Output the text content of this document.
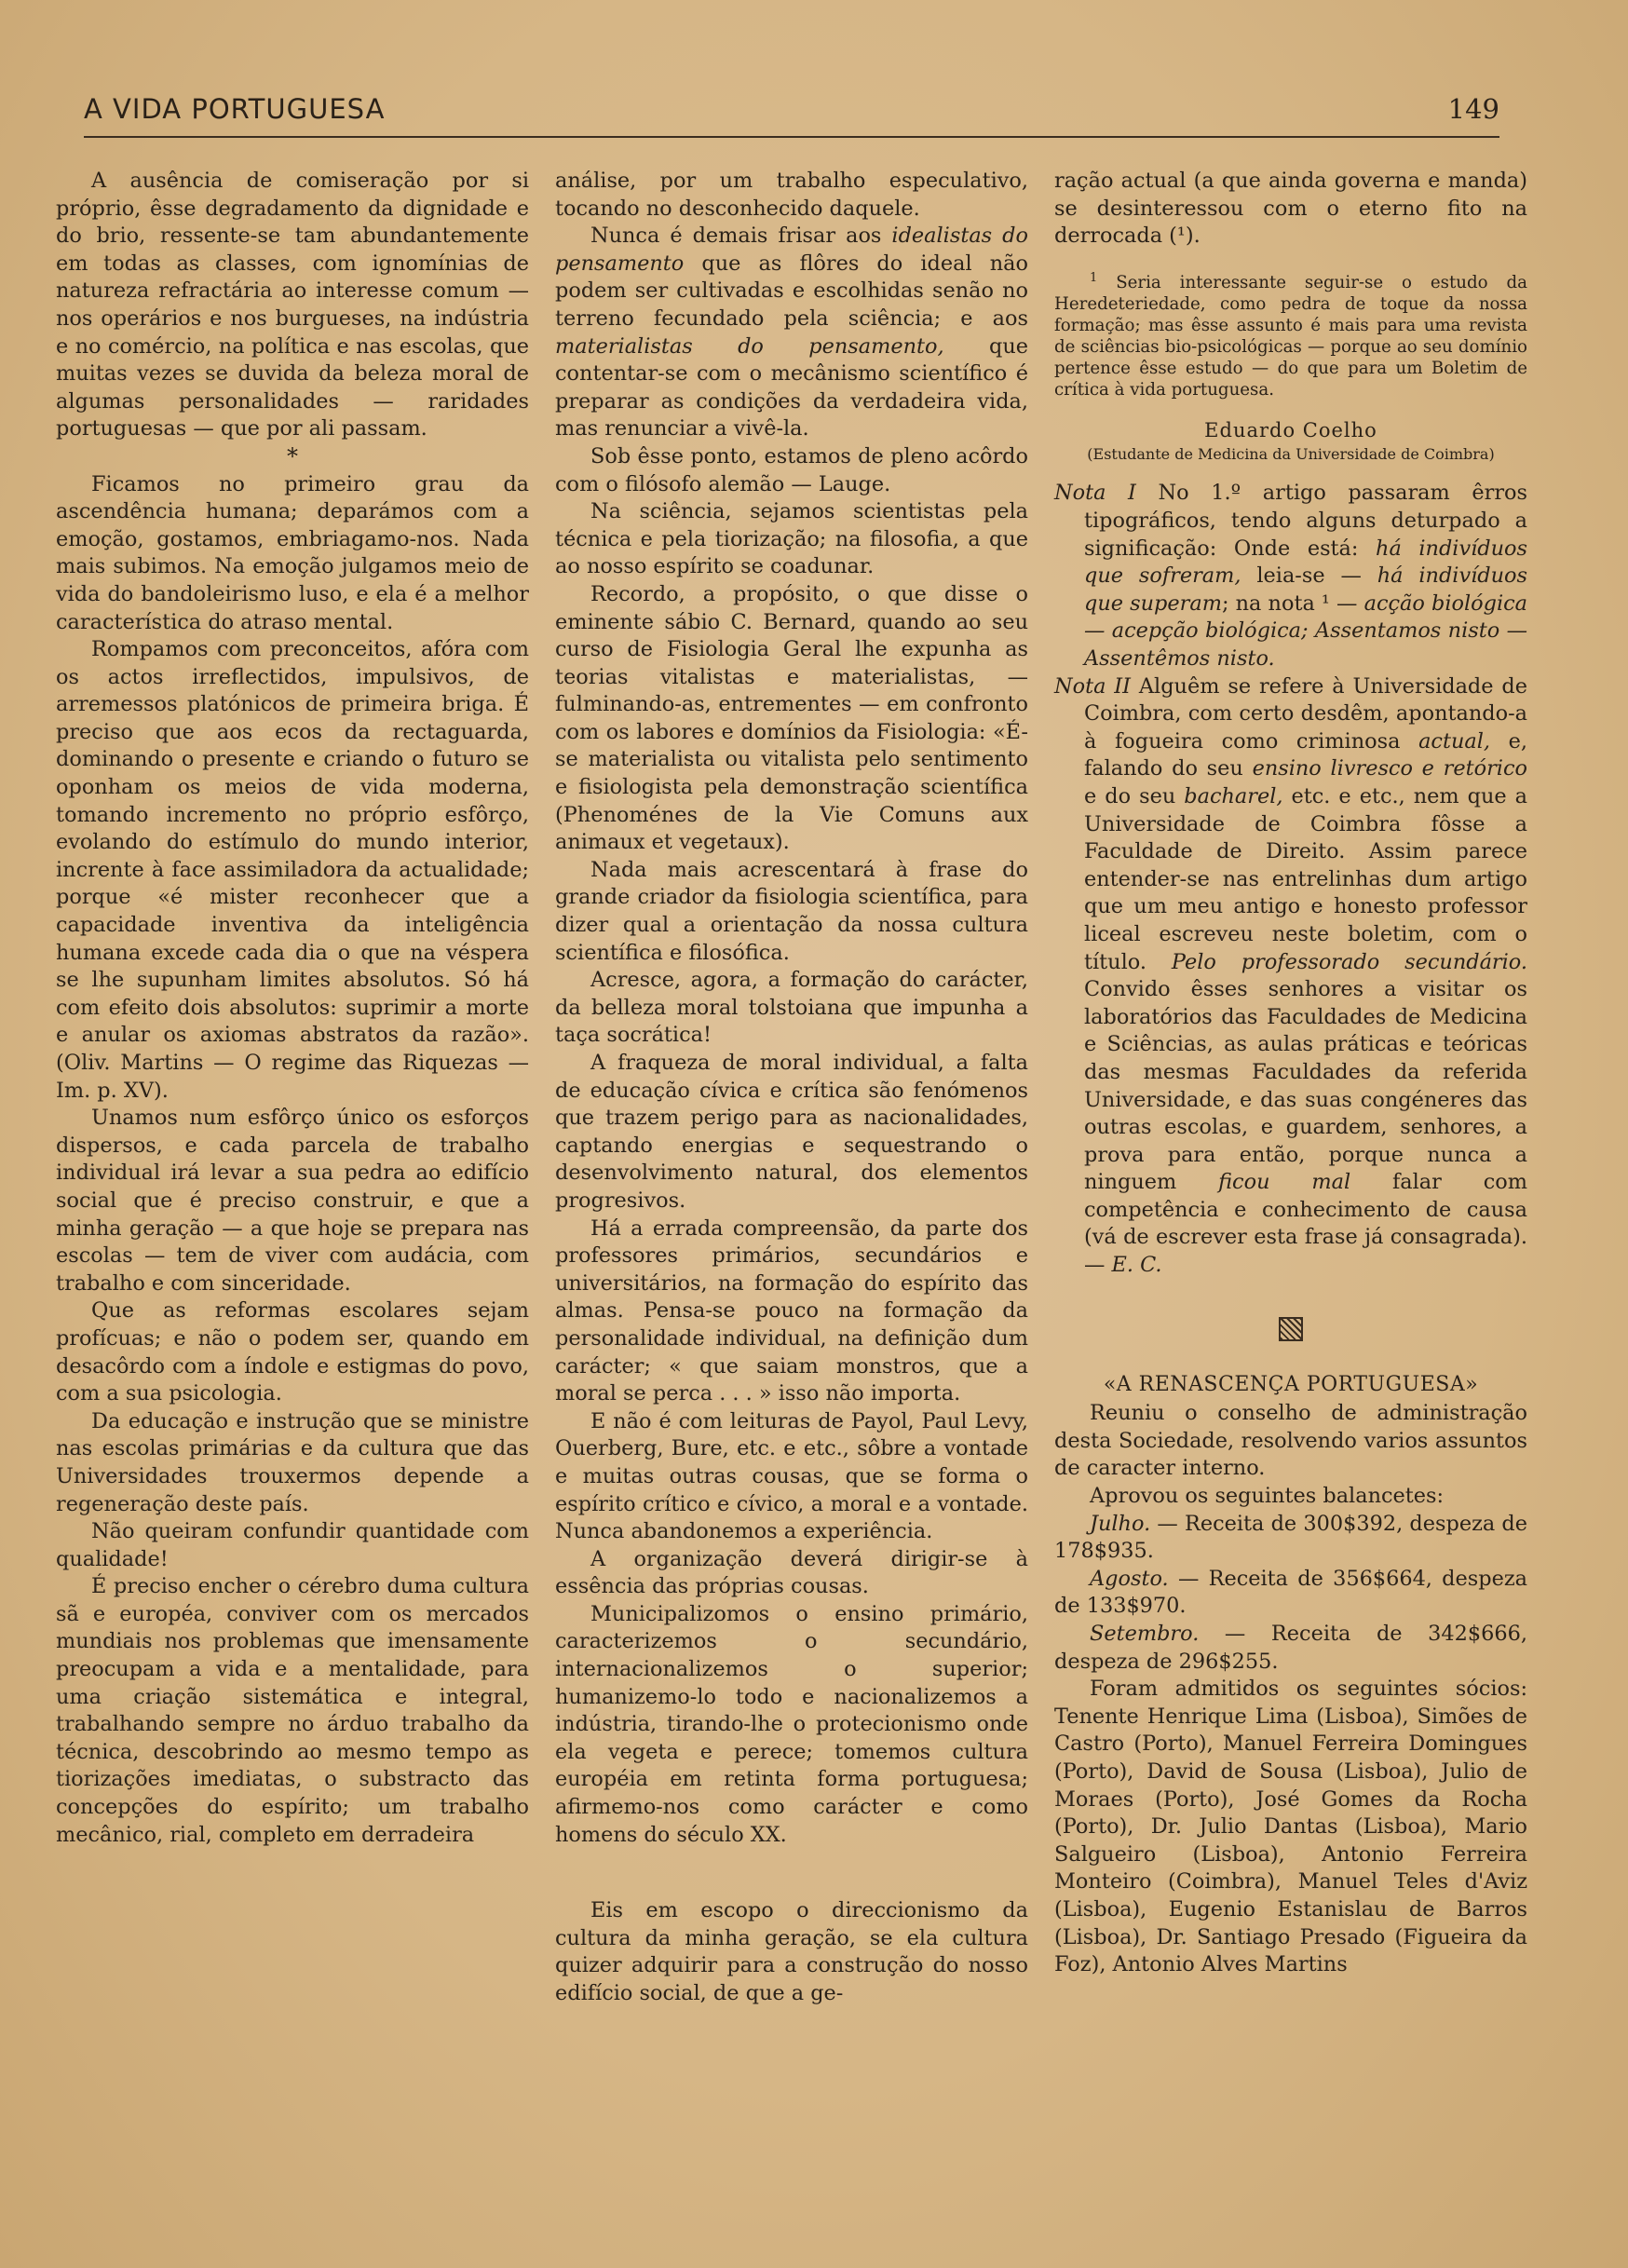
A VIDA PORTUGUESA	149

A ausência de comiseração por si próprio, êsse degradamento da dignidade e do brio, ressente-se tam abundantemente em todas as classes, com ignomínias de natureza refractária ao interesse comum — nos operários e nos burgueses, na indústria e no comércio, na política e nas escolas, que muitas vezes se duvida da beleza moral de algumas personalidades — raridades portuguesas — que por ali passam.

*

Ficamos no primeiro grau da ascendência humana; deparámos com a emoção, gostamos, embriagamo-nos. Nada mais subimos. Na emoção julgamos meio de vida do bandoleirismo luso, e ela é a melhor característica do atraso mental.

Rompamos com preconceitos, afóra com os actos irreflectidos, impulsivos, de arremessos platónicos de primeira briga. É preciso que aos ecos da rectaguarda, dominando o presente e criando o futuro se oponham os meios de vida moderna, tomando incremento no próprio esfôrço, evolando do estímulo do mundo interior, increntе à face assimiladora da actualidade; porque «é mister reconhecer que a capacidade inventiva da inteligência humana excede cada dia o que na véspera se lhe supunham limites absolutos. Só há com efeito dois absolutos: suprimir a morte e anular os axiomas abstratos da razão». (Oliv. Martins — O regime das Riquezas — Im. p. XV).

Unamos num esfôrço único os esforços dispersos, e cada parcela de trabalho individual irá levar a sua pedra ao edifício social que é preciso construir, e que a minha geração — a que hoje se prepara nas escolas — tem de viver com audácia, com trabalho e com sinceridade.

Que as reformas escolares sejam profícuas; e não o podem ser, quando em desacôrdo com a índole e estigmas do povo, com a sua psicologia.

Da educação e instrução que se ministre nas escolas primárias e da cultura que das Universidades trouxermos depende a regeneração deste país.

Não queiram confundir quantidade com qualidade!

É preciso encher o cérebro duma cultura sã e européa, conviver com os mercados mundiais nos problemas que imensamente preocupam a vida e a mentalidade, para uma criação sistemática e integral, trabalhando sempre no árduo trabalho da técnica, descobrindo ao mesmo tempo as tiorizações imediatas, o substracto das concepções do espírito; um trabalho mecânico, rial, completo em derradeira

análise, por um trabalho especulativo, tocando no desconhecido daquele.

Nunca é demais frisar aos idealistas do pensamento que as flôres do ideal não podem ser cultivadas e escolhidas senão no terreno fecundado pela sciência; e aos materialistas do pensamento, que contentar-se com o mecânismo scientífico é preparar as condições da verdadeira vida, mas renunciar a vivê-la.

Sob êsse ponto, estamos de pleno acôrdo com o filósofo alemão — Lauge.

Na sciência, sejamos scientistas pela técnica e pela tiorização; na filosofia, a que ao nosso espírito se coadunar.

Recordo, a propósito, o que disse o eminente sábio C. Bernard, quando ao seu curso de Fisiologia Geral lhe expunha as teorias vitalistas e materialistas, — fulminando-as, entrementes — em confronto com os labores e domínios da Fisiologia: «É-se materialista ou vitalista pelo sentimento e fisiologista pela demonstração scientífica (Phenoménes de la Vie Comuns aux animaux et vegetaux).

Nada mais acrescentará à frase do grande criador da fisiologia scientífica, para dizer qual a orientação da nossa cultura scientífica e filosófica.

Acresce, agora, a formação do carácter, da belleza moral tolstoiana que impunha a taça socrática!

A fraqueza de moral individual, a falta de educação cívica e crítica são fenómenos que trazem perigo para as nacionalidades, captando energias e sequestrando o desenvolvimento natural, dos elementos progresivos.

Há a errada compreensão, da parte dos professores primários, secundários e universitários, na formação do espírito das almas. Pensa-se pouco na formação da personalidade individual, na definição dum carácter; « que saiam monstros, que a moral se perca . . . » isso não importa.

E não é com leituras de Payol, Paul Levy, Ouerberg, Bure, etc. e etc., sôbre a vontade e muitas outras cousas, que se forma o espírito crítico e cívico, a moral e a vontade. Nunca abandonemos a experiência.

A organização deverá dirigir-se à essência das próprias cousas.

Municipalizomos o ensino primário, caracterizemos o secundário, internacionalizemos o superior; humanizemo-lo todo e nacionalizemos a indústria, tirando-lhe o protecionismo onde ela vegeta e perece; tomemos cultura européia em retinta forma portuguesa; afirmemo-nos como carácter e como homens do século XX.

Eis em escopo o direccionismo da cultura da minha geração, se ela cultura quizer adquirir para a construção do nosso edifício social, de que a ge-

ração actual (a que ainda governa e manda) se desinteressou com o eterno fito na derrocada (¹).

$^1$ Seria interessante seguir-se o estudo da Heredeteriedade, como pedra de toque da nossa formação; mas êsse assunto é mais para uma revista de sciências bio-psicológicas — porque ao seu domínio pertence êsse estudo — do que para um Boletim de crítica à vida portuguesa.

Eduardo Coelho

(Estudante de Medicina da Universidade de Coimbra)

Nota I No 1.º artigo passaram êrros tipográficos, tendo alguns deturpado a significação: Onde está: há indivíduos que sofreram, leia-se — há indivíduos que superam; na nota ¹ — acção biológica — acepção biológica; Assentamos nisto — Assentêmos nisto.

Nota II Alguêm se refere à Universidade de Coimbra, com certo desdêm, apontando-a à fogueira como criminosa actual, e, falando do seu ensino livresco e retórico e do seu bacharel, etc. e etc., nem que a Universidade de Coimbra fôsse a Faculdade de Direito. Assim parece entender-se nas entrelinhas dum artigo que um meu antigo e honesto professor liceal escreveu neste boletim, com o título. Pelo professorado secundário. Convido êsses senhores a visitar os laboratórios das Faculdades de Medicina e Sciências, as aulas práticas e teóricas das mesmas Faculdades da referida Universidade, e das suas congéneres das outras escolas, e guardem, senhores, a prova para então, porque nunca a ninguem ficou mal falar com competência e conhecimento de causa (vá de escrever esta frase já consagrada). — E. C.

«A RENASCENÇA PORTUGUESA»

Reuniu o conselho de administração desta Sociedade, resolvendo varios assuntos de caracter interno.

Aprovou os seguintes balancetes:

Julho. — Receita de 300$392, despeza de 178$935.

Agosto. — Receita de 356$664, despeza de 133$970.

Setembro. — Receita de 342$666, despeza de 296$255.

Foram admitidos os seguintes sócios: Tenente Henrique Lima (Lisboa), Simões de Castro (Porto), Manuel Ferreira Domingues (Porto), David de Sousa (Lisboa), Julio de Moraes (Porto), José Gomes da Rocha (Porto), Dr. Julio Dantas (Lisboa), Mario Salgueiro (Lisboa), Antonio Ferreira Monteiro (Coimbra), Manuel Teles d'Aviz (Lisboa), Eugenio Estanislau de Barros (Lisboa), Dr. Santiago Presado (Figueira da Foz), Antonio Alves Martins
